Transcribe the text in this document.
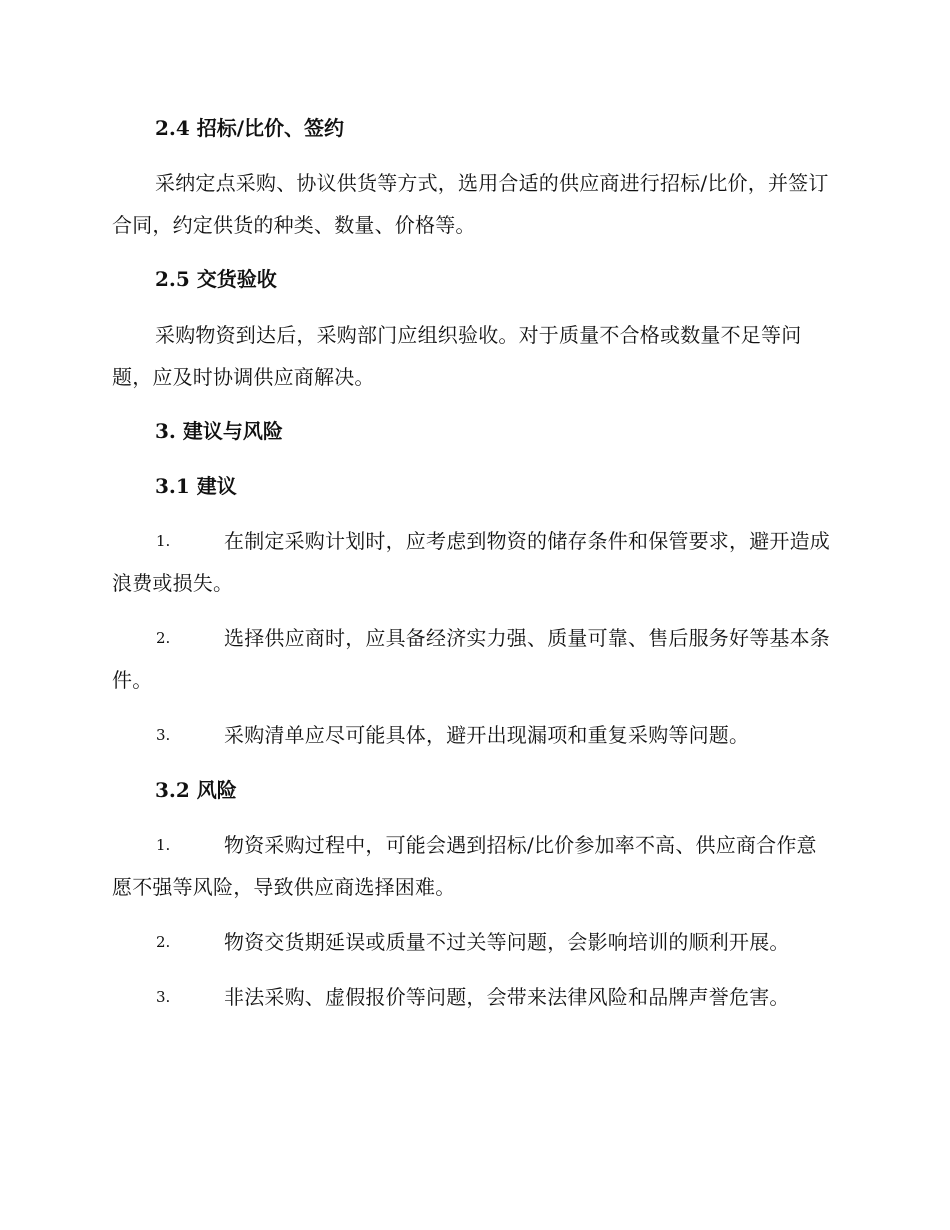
2.4 招标/比价、签约
采纳定点采购、协议供货等方式，选用合适的供应商进行招标/比价，并签订合同，约定供货的种类、数量、价格等。
2.5 交货验收
采购物资到达后，采购部门应组织验收。对于质量不合格或数量不足等问题，应及时协调供应商解决。
3. 建议与风险
3.1 建议
1.	在制定采购计划时，应考虑到物资的储存条件和保管要求，避开造成浪费或损失。
2.	选择供应商时，应具备经济实力强、质量可靠、售后服务好等基本条件。
3.	采购清单应尽可能具体，避开出现漏项和重复采购等问题。
3.2 风险
1.	物资采购过程中，可能会遇到招标/比价参加率不高、供应商合作意愿不强等风险，导致供应商选择困难。
2.	物资交货期延误或质量不过关等问题，会影响培训的顺利开展。
3.	非法采购、虚假报价等问题，会带来法律风险和品牌声誉危害。
